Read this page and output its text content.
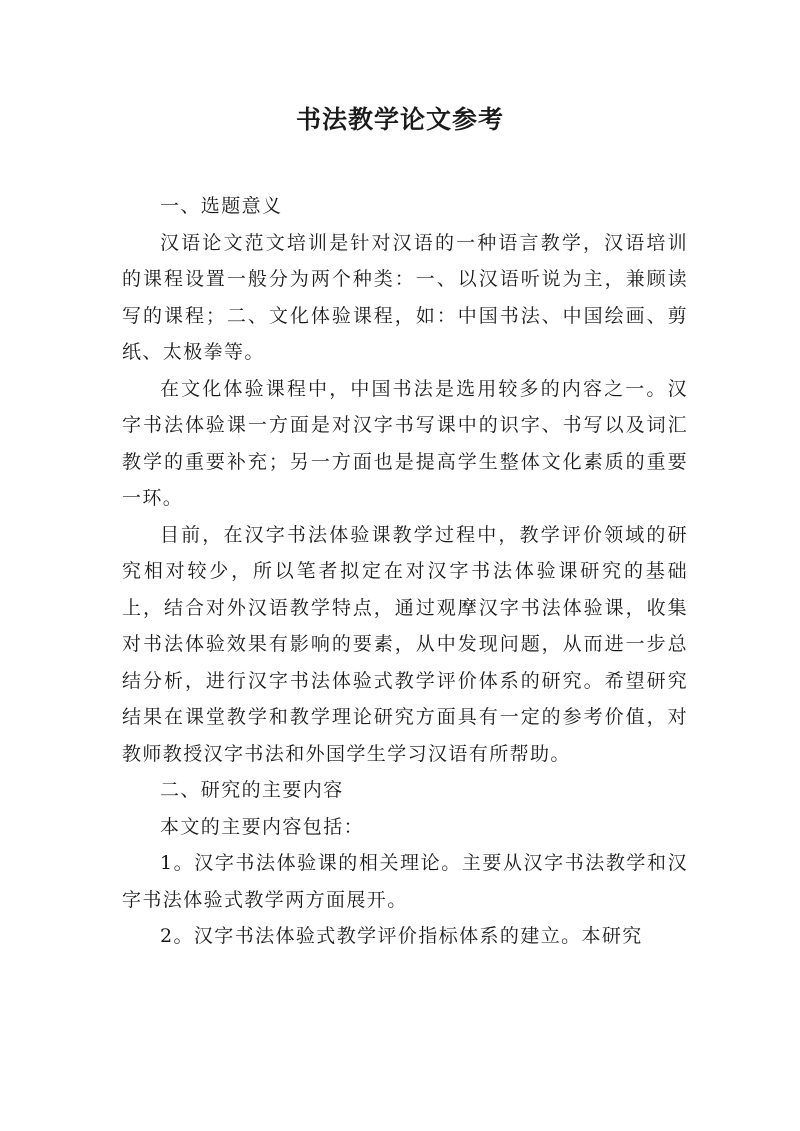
书法教学论文参考

一、选题意义

汉语论文范文培训是针对汉语的一种语言教学，汉语培训的课程设置一般分为两个种类：一、以汉语听说为主，兼顾读写的课程；二、文化体验课程，如：中国书法、中国绘画、剪纸、太极拳等。

在文化体验课程中，中国书法是选用较多的内容之一。汉字书法体验课一方面是对汉字书写课中的识字、书写以及词汇教学的重要补充；另一方面也是提高学生整体文化素质的重要一环。

目前，在汉字书法体验课教学过程中，教学评价领域的研究相对较少，所以笔者拟定在对汉字书法体验课研究的基础上，结合对外汉语教学特点，通过观摩汉字书法体验课，收集对书法体验效果有影响的要素，从中发现问题，从而进一步总结分析，进行汉字书法体验式教学评价体系的研究。希望研究结果在课堂教学和教学理论研究方面具有一定的参考价值，对教师教授汉字书法和外国学生学习汉语有所帮助。

二、研究的主要内容

本文的主要内容包括：

1。汉字书法体验课的相关理论。主要从汉字书法教学和汉字书法体验式教学两方面展开。

2。汉字书法体验式教学评价指标体系的建立。本研究
